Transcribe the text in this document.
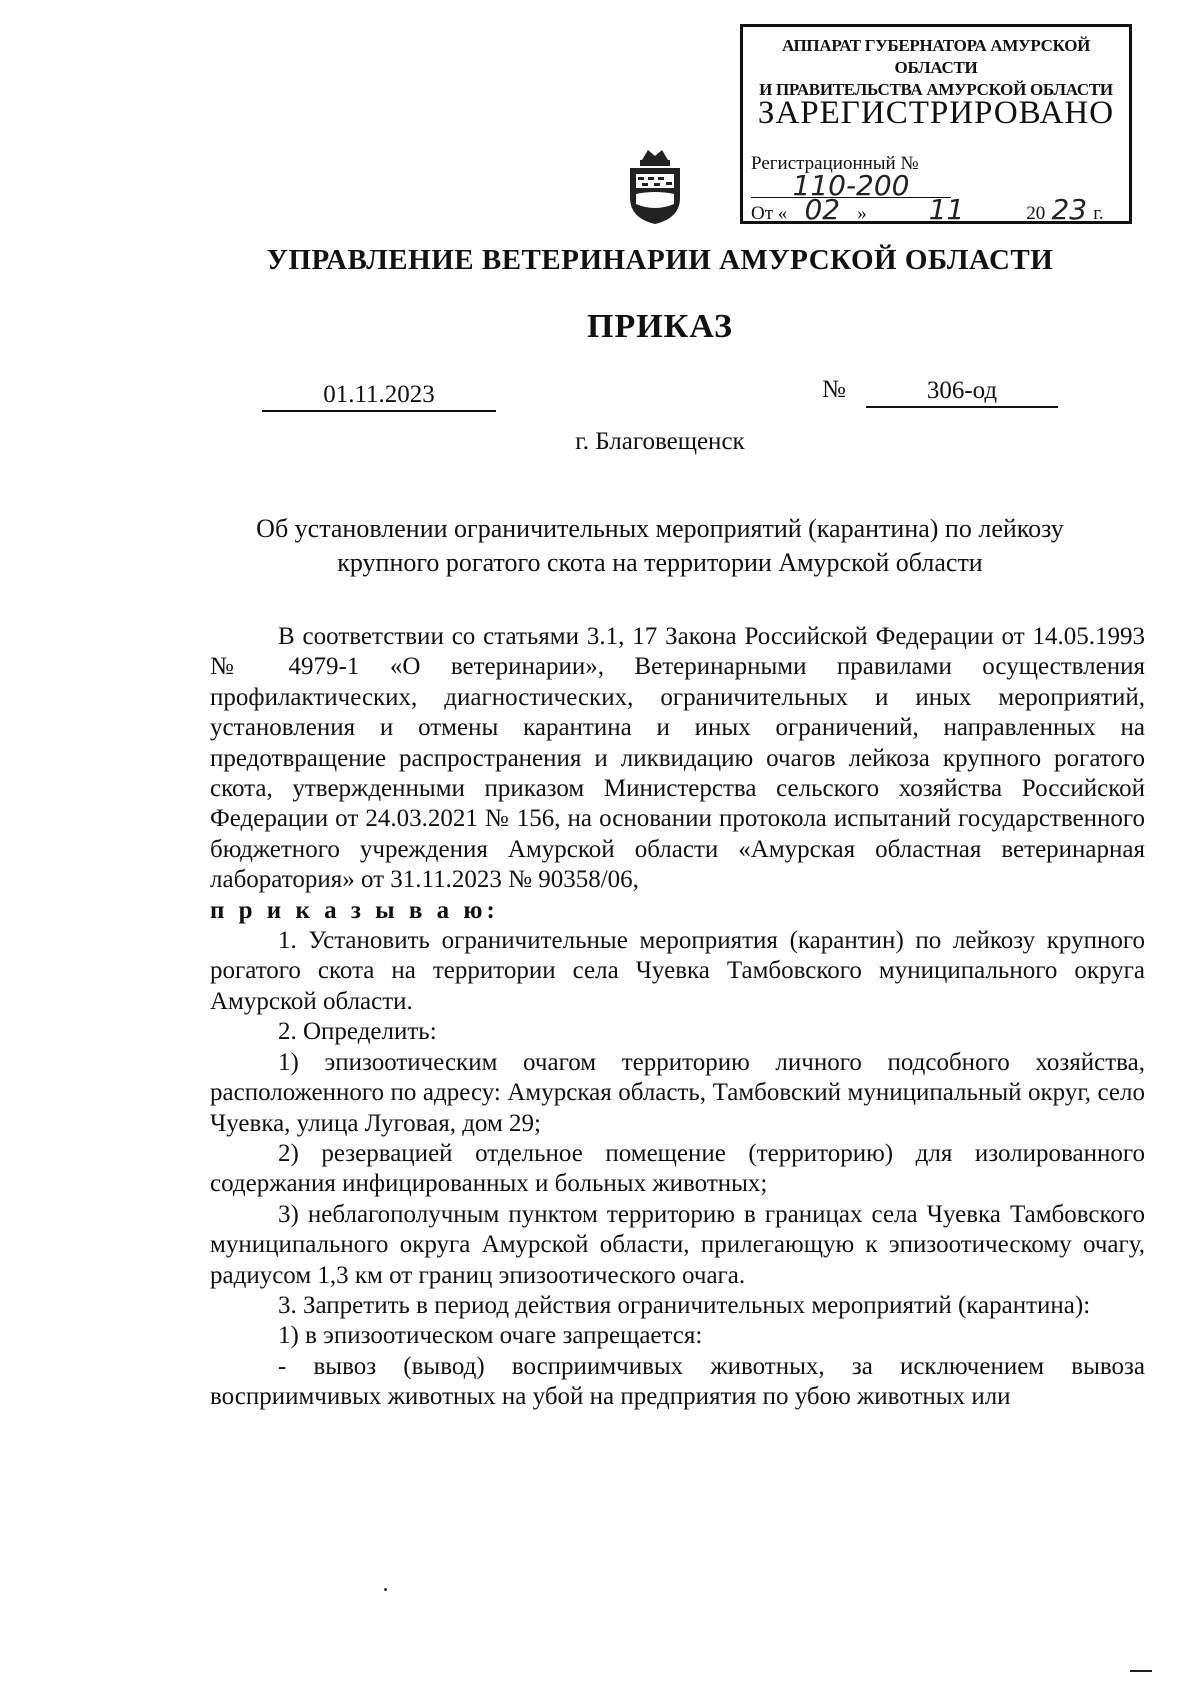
АППАРАТ ГУБЕРНАТОРА АМУРСКОЙ ОБЛАСТИ
И ПРАВИТЕЛЬСТВА АМУРСКОЙ ОБЛАСТИ
ЗАРЕГИСТРИРОВАНО
Регистрационный № 110-200
От « 02 » 11	20 23 г.
УПРАВЛЕНИЕ ВЕТЕРИНАРИИ АМУРСКОЙ ОБЛАСТИ
ПРИКАЗ
01.11.2023	№	306-од
г. Благовещенск
Об установлении ограничительных мероприятий (карантина) по лейкозу
крупного рогатого скота на территории Амурской области

В соответствии со статьями 3.1, 17 Закона Российской Федерации от 14.05.1993 № 4979-1 «О ветеринарии», Ветеринарными правилами осуществления профилактических, диагностических, ограничительных и иных мероприятий, установления и отмены карантина и иных ограничений, направленных на предотвращение распространения и ликвидацию очагов лейкоза крупного рогатого скота, утвержденными приказом Министерства сельского хозяйства Российской Федерации от 24.03.2021 № 156, на основании протокола испытаний государственного бюджетного учреждения Амурской области «Амурская областная ветеринарная лаборатория» от 31.11.2023 № 90358/06,

п р и к а з ы в а ю:

1. Установить ограничительные мероприятия (карантин) по лейкозу крупного рогатого скота на территории села Чуевка Тамбовского муниципального округа Амурской области.

2. Определить:

1) эпизоотическим очагом территорию личного подсобного хозяйства, расположенного по адресу: Амурская область, Тамбовский муниципальный округ, село Чуевка, улица Луговая, дом 29;

2) резервацией отдельное помещение (территорию) для изолированного содержания инфицированных и больных животных;

3) неблагополучным пунктом территорию в границах села Чуевка Тамбовского муниципального округа Амурской области, прилегающую к эпизоотическому очагу, радиусом 1,3 км от границ эпизоотического очага.

3. Запретить в период действия ограничительных мероприятий (карантина):

1) в эпизоотическом очаге запрещается:

- вывоз (вывод) восприимчивых животных, за исключением вывоза восприимчивых животных на убой на предприятия по убою животных или
